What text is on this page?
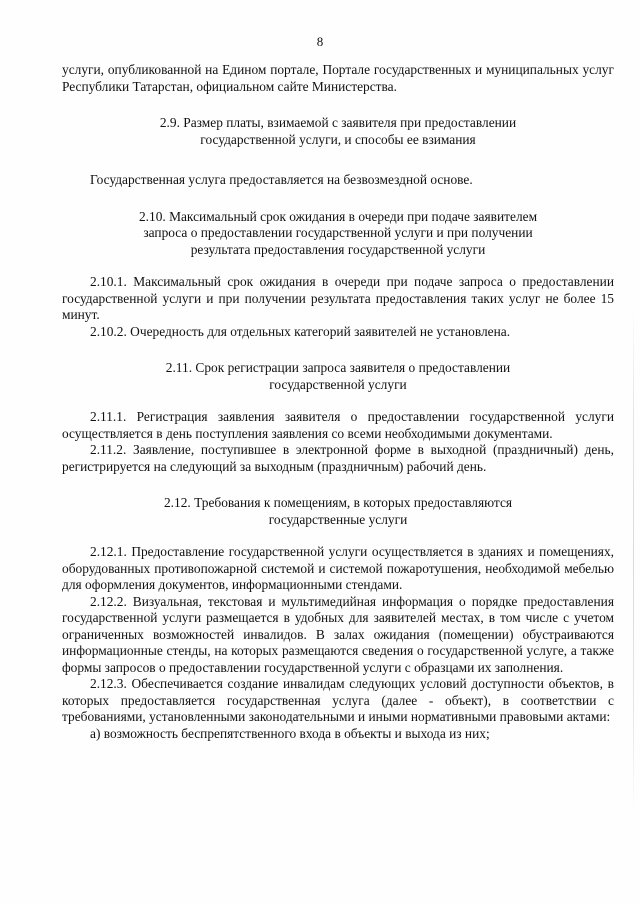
8

услуги, опубликованной на Едином портале, Портале государственных и муниципальных услуг Республики Татарстан, официальном сайте Министерства.

2.9. Размер платы, взимаемой с заявителя при предоставлении государственной услуги, и способы ее взимания

Государственная услуга предоставляется на безвозмездной основе.

2.10. Максимальный срок ожидания в очереди при подаче заявителем запроса о предоставлении государственной услуги и при получении результата предоставления государственной услуги

2.10.1. Максимальный срок ожидания в очереди при подаче запроса о предоставлении государственной услуги и при получении результата предоставления таких услуг не более 15 минут.

2.10.2. Очередность для отдельных категорий заявителей не установлена.

2.11. Срок регистрации запроса заявителя о предоставлении государственной услуги

2.11.1. Регистрация заявления заявителя о предоставлении государственной услуги осуществляется в день поступления заявления со всеми необходимыми документами.

2.11.2. Заявление, поступившее в электронной форме в выходной (праздничный) день, регистрируется на следующий за выходным (праздничным) рабочий день.

2.12. Требования к помещениям, в которых предоставляются государственные услуги

2.12.1. Предоставление государственной услуги осуществляется в зданиях и помещениях, оборудованных противопожарной системой и системой пожаротушения, необходимой мебелью для оформления документов, информационными стендами.

2.12.2. Визуальная, текстовая и мультимедийная информация о порядке предоставления государственной услуги размещается в удобных для заявителей местах, в том числе с учетом ограниченных возможностей инвалидов. В залах ожидания (помещении) обустраиваются информационные стенды, на которых размещаются сведения о государственной услуге, а также формы запросов о предоставлении государственной услуги с образцами их заполнения.

2.12.3. Обеспечивается создание инвалидам следующих условий доступности объектов, в которых предоставляется государственная услуга (далее - объект), в соответствии с требованиями, установленными законодательными и иными нормативными правовыми актами:

а) возможность беспрепятственного входа в объекты и выхода из них;
